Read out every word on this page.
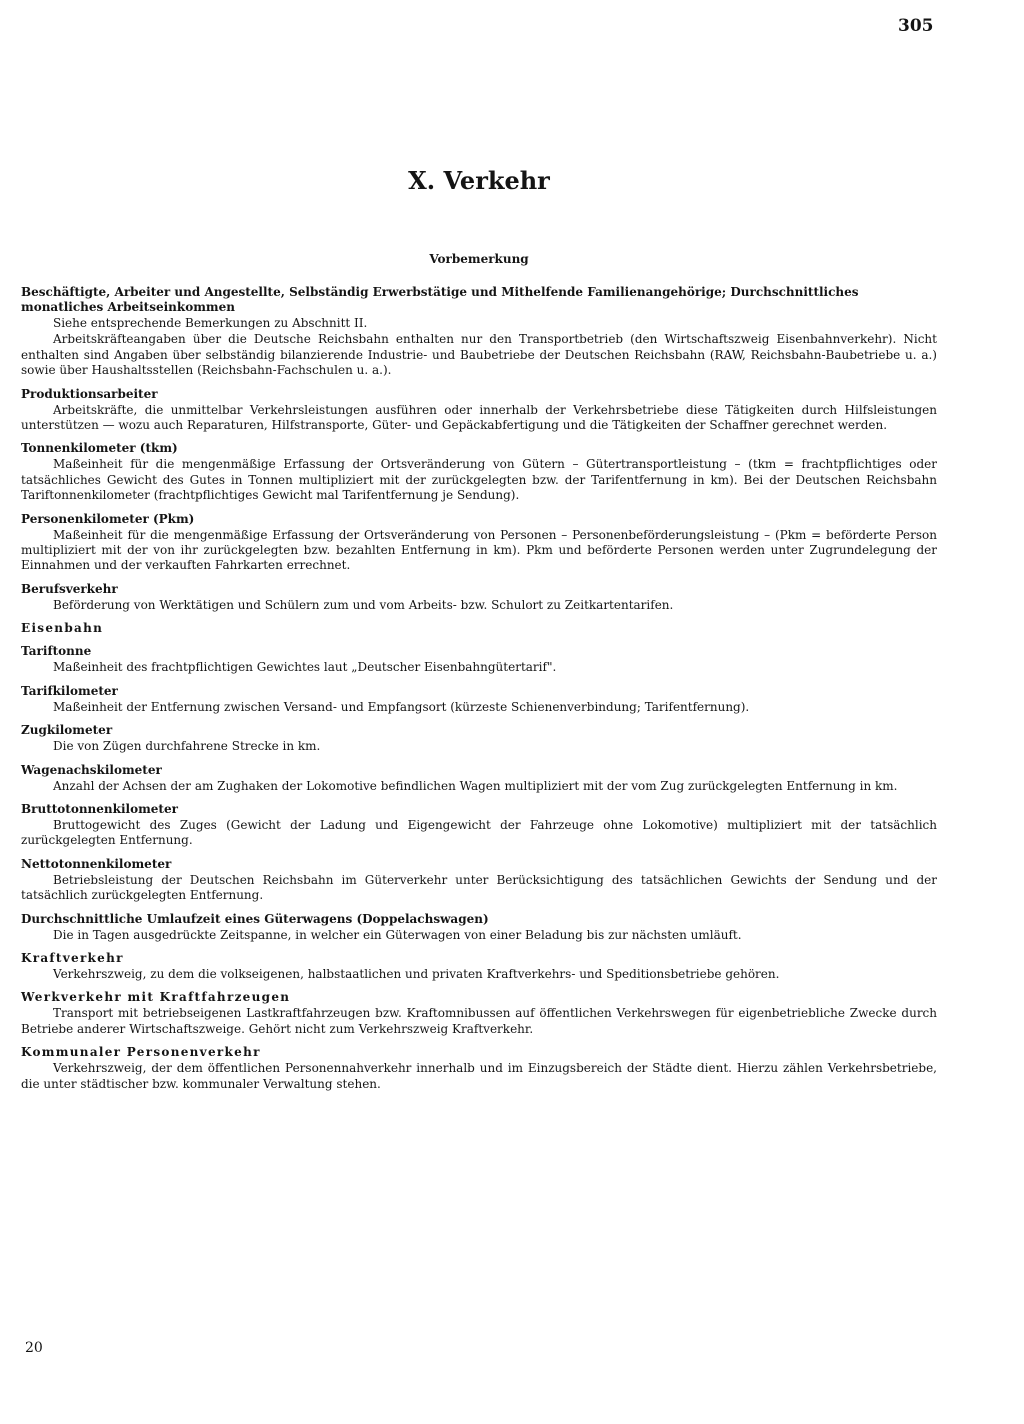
305
X. Verkehr
Vorbemerkung
Beschäftigte, Arbeiter und Angestellte, Selbständig Erwerbstätige und Mithelfende Familienangehörige; Durchschnittliches monatliches Arbeitseinkommen

Siehe entsprechende Bemerkungen zu Abschnitt II.

Arbeitskräfteangaben über die Deutsche Reichsbahn enthalten nur den Transportbetrieb (den Wirtschaftszweig Eisenbahnverkehr). Nicht enthalten sind Angaben über selbständig bilanzierende Industrie- und Baubetriebe der Deutschen Reichsbahn (RAW, Reichsbahn-Baubetriebe u. a.) sowie über Haushaltsstellen (Reichsbahn-Fachschulen u. a.).

Produktionsarbeiter

Arbeitskräfte, die unmittelbar Verkehrsleistungen ausführen oder innerhalb der Verkehrsbetriebe diese Tätigkeiten durch Hilfsleistungen unterstützen — wozu auch Reparaturen, Hilfstransporte, Güter- und Gepäckabfertigung und die Tätigkeiten der Schaffner gerechnet werden.

Tonnenkilometer (tkm)

Maßeinheit für die mengenmäßige Erfassung der Ortsveränderung von Gütern – Gütertransportleistung – (tkm = frachtpflichtiges oder tatsächliches Gewicht des Gutes in Tonnen multipliziert mit der zurückgelegten bzw. der Tarifentfernung in km). Bei der Deutschen Reichsbahn Tariftonnenkilometer (frachtpflichtiges Gewicht mal Tarifentfernung je Sendung).

Personenkilometer (Pkm)

Maßeinheit für die mengenmäßige Erfassung der Ortsveränderung von Personen – Personenbeförderungsleistung – (Pkm = beförderte Person multipliziert mit der von ihr zurückgelegten bzw. bezahlten Entfernung in km). Pkm und beförderte Personen werden unter Zugrundelegung der Einnahmen und der verkauften Fahrkarten errechnet.

Berufsverkehr

Beförderung von Werktätigen und Schülern zum und vom Arbeits- bzw. Schulort zu Zeitkartentarifen.

Eisenbahn
Tariftonne

Maßeinheit des frachtpflichtigen Gewichtes laut „Deutscher Eisenbahngütertarif".

Tarifkilometer

Maßeinheit der Entfernung zwischen Versand- und Empfangsort (kürzeste Schienenverbindung; Tarifentfernung).

Zugkilometer

Die von Zügen durchfahrene Strecke in km.

Wagenachskilometer

Anzahl der Achsen der am Zughaken der Lokomotive befindlichen Wagen multipliziert mit der vom Zug zurückgelegten Entfernung in km.

Bruttotonnenkilometer

Bruttogewicht des Zuges (Gewicht der Ladung und Eigengewicht der Fahrzeuge ohne Lokomotive) multipliziert mit der tatsächlich zurückgelegten Entfernung.

Nettotonnenkilometer

Betriebsleistung der Deutschen Reichsbahn im Güterverkehr unter Berücksichtigung des tatsächlichen Gewichts der Sendung und der tatsächlich zurückgelegten Entfernung.

Durchschnittliche Umlaufzeit eines Güterwagens (Doppelachswagen)

Die in Tagen ausgedrückte Zeitspanne, in welcher ein Güterwagen von einer Beladung bis zur nächsten umläuft.

Kraftverkehr

Verkehrszweig, zu dem die volkseigenen, halbstaatlichen und privaten Kraftverkehrs- und Speditionsbetriebe gehören.

Werkverkehr mit Kraftfahrzeugen

Transport mit betriebseigenen Lastkraftfahrzeugen bzw. Kraftomnibussen auf öffentlichen Verkehrswegen für eigenbetriebliche Zwecke durch Betriebe anderer Wirtschaftszweige. Gehört nicht zum Verkehrszweig Kraftverkehr.

Kommunaler Personenverkehr

Verkehrszweig, der dem öffentlichen Personennahverkehr innerhalb und im Einzugsbereich der Städte dient. Hierzu zählen Verkehrsbetriebe, die unter städtischer bzw. kommunaler Verwaltung stehen.

20
